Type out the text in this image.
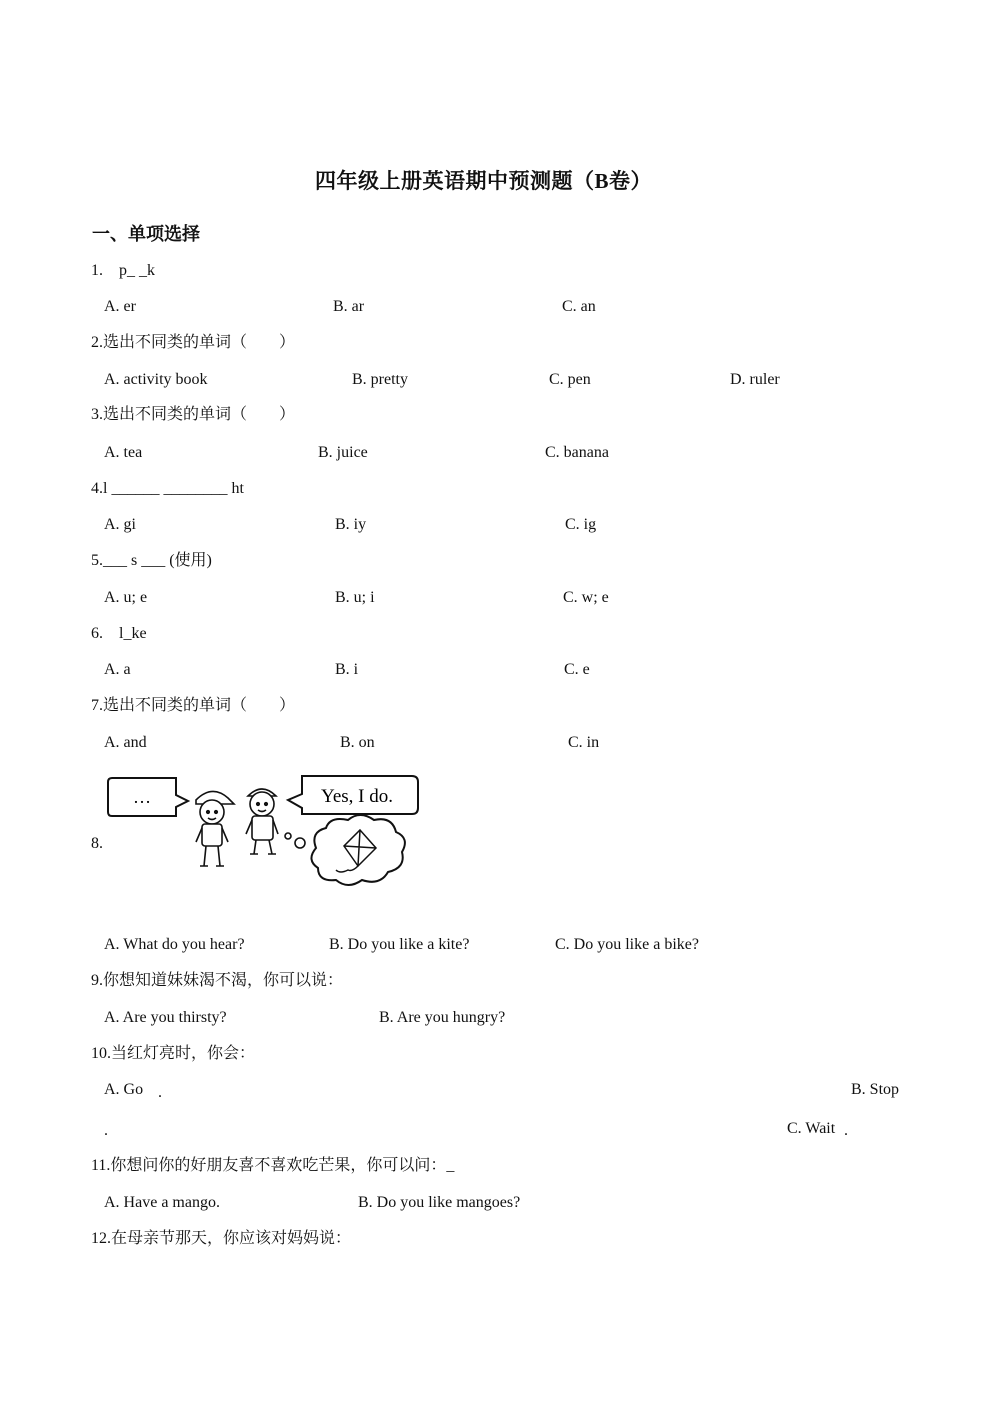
四年级上册英语期中预测题（B卷）
一、单项选择
1.　p_ _k
A. er	B. ar	C. an
2.选出不同类的单词（　　）
A. activity book	B. pretty	C. pen	D. ruler
3.选出不同类的单词（　　）
A. tea	B. juice	C. banana
4.l ______ ________ ht
A. gi	B. iy	C. ig
5.___ s ___ (使用)
A. u; e	B. u; i	C. w; e
6.　l_ke
A. a	B. i	C. e
7.选出不同类的单词（　　）
A. and	B. on	C. in
8.
…	Yes, I do.
A. What do you hear?	B. Do you like a kite?	C. Do you like a bike?
9.你想知道妹妹渴不渴，你可以说：
A. Are you thirsty?	B. Are you hungry?
10.当红灯亮时，你会：
A. Go .	B. Stop
.	C. Wait .
11.你想问你的好朋友喜不喜欢吃芒果，你可以问：_
A. Have a mango.	B. Do you like mangoes?
12.在母亲节那天，你应该对妈妈说：
